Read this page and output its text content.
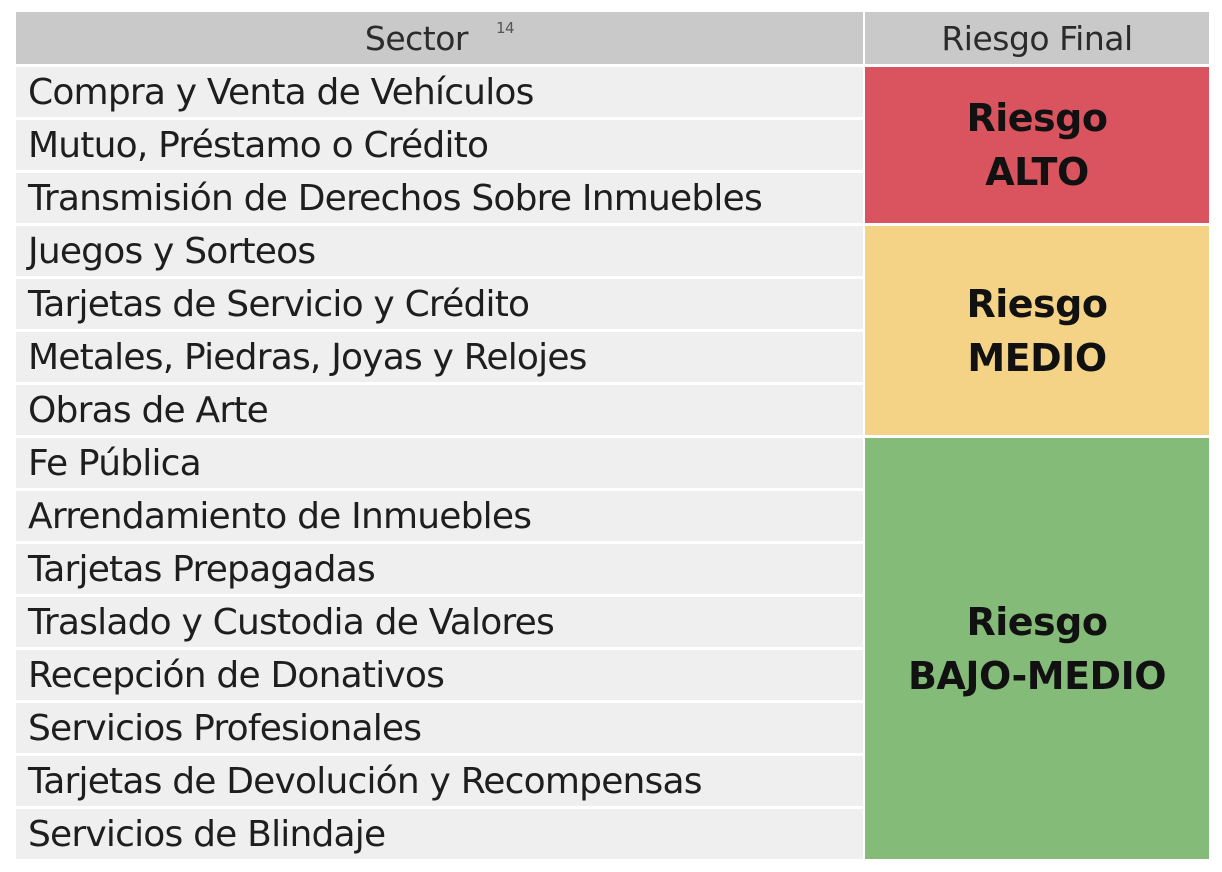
Sector $^{14}$	Riesgo Final
Compra y Venta de Vehículos
Mutuo, Préstamo o Crédito
Transmisión de Derechos Sobre Inmuebles
Juegos y Sorteos
Tarjetas de Servicio y Crédito
Metales, Piedras, Joyas y Relojes
Obras de Arte
Fe Pública
Arrendamiento de Inmuebles
Tarjetas Prepagadas
Traslado y Custodia de Valores
Recepción de Donativos
Servicios Profesionales
Tarjetas de Devolución y Recompensas
Servicios de Blindaje
Riesgo
ALTO
Riesgo
MEDIO
Riesgo
BAJO-MEDIO
